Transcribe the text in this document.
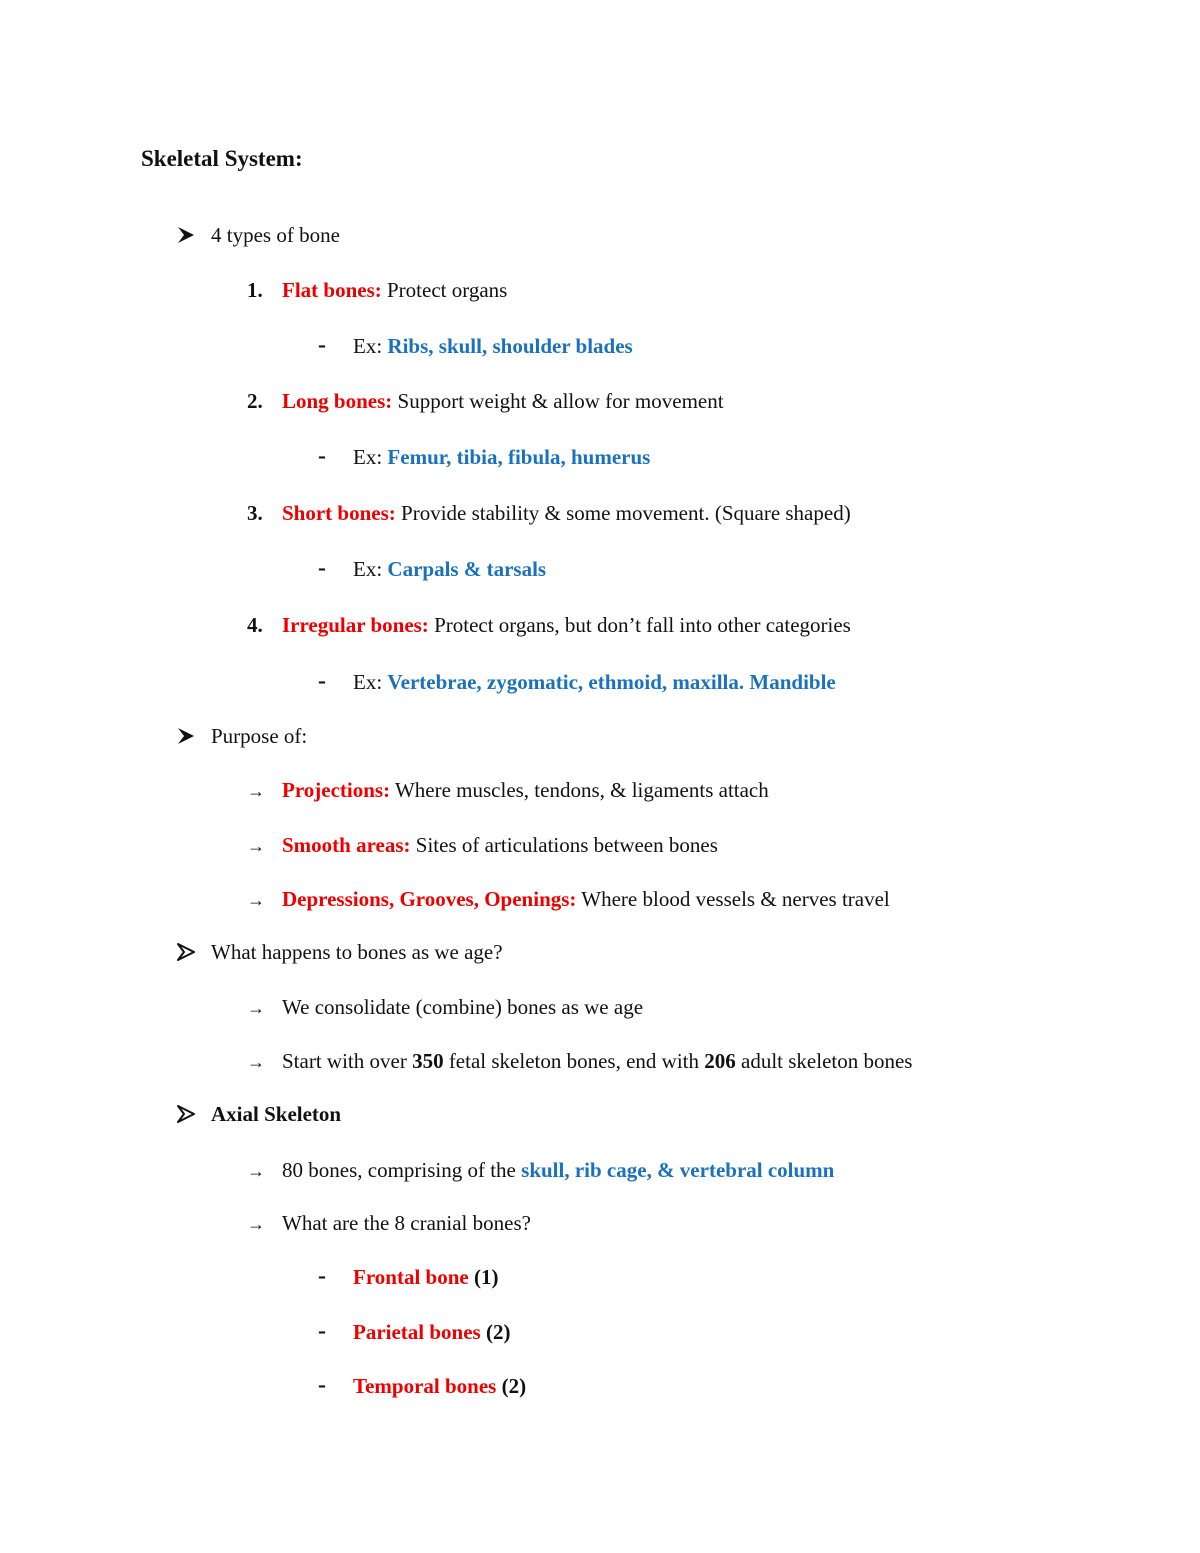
Skeletal System:
4 types of bone
1. Flat bones: Protect organs
- Ex: Ribs, skull, shoulder blades
2. Long bones: Support weight & allow for movement
- Ex: Femur, tibia, fibula, humerus
3. Short bones: Provide stability & some movement. (Square shaped)
- Ex: Carpals & tarsals
4. Irregular bones: Protect organs, but don’t fall into other categories
- Ex: Vertebrae, zygomatic, ethmoid, maxilla. Mandible
Purpose of:
→ Projections: Where muscles, tendons, & ligaments attach
→ Smooth areas: Sites of articulations between bones
→ Depressions, Grooves, Openings: Where blood vessels & nerves travel
What happens to bones as we age?
→ We consolidate (combine) bones as we age
→ Start with over 350 fetal skeleton bones, end with 206 adult skeleton bones
Axial Skeleton
→ 80 bones, comprising of the skull, rib cage, & vertebral column
→ What are the 8 cranial bones?
- Frontal bone (1)
- Parietal bones (2)
- Temporal bones (2)
